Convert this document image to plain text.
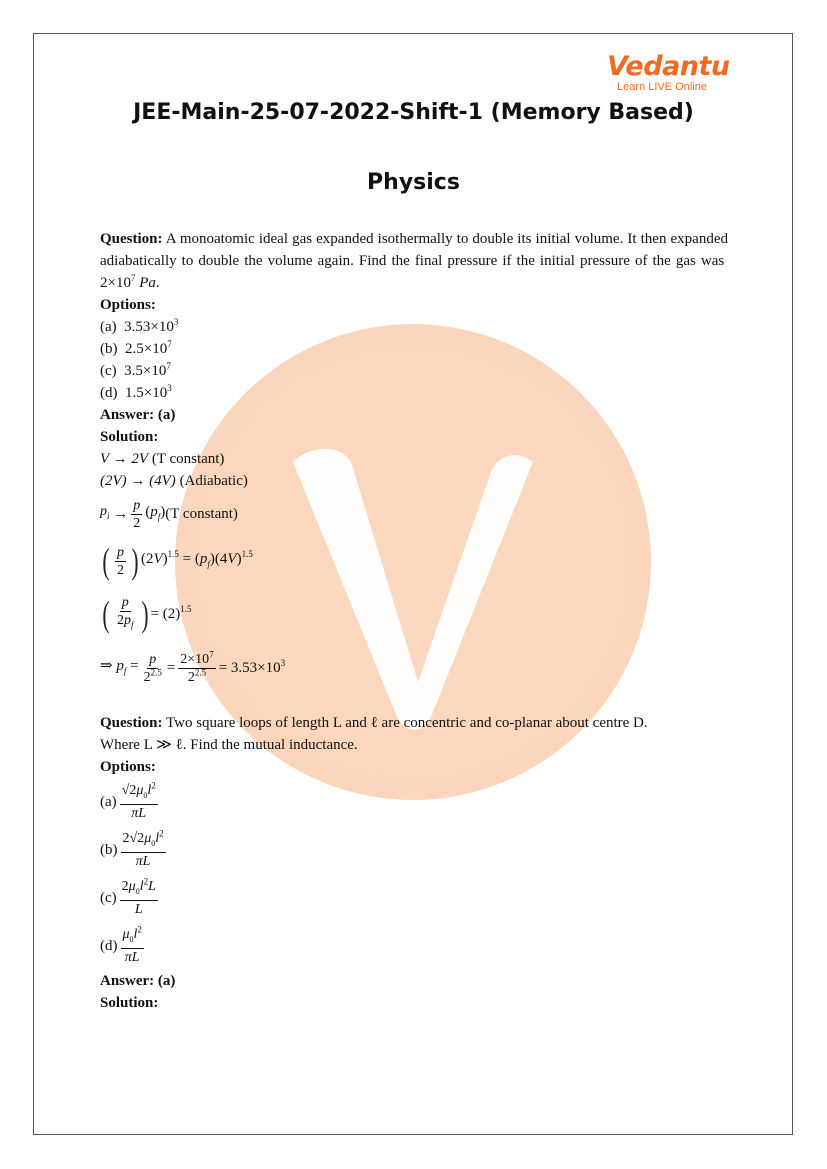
Vedantu
Learn LIVE Online
JEE-Main-25-07-2022-Shift-1 (Memory Based)
Physics

Question: A monoatomic ideal gas expanded isothermally to double its initial volume. It then expanded adiabatically to double the volume again. Find the final pressure if the initial pressure of the gas was  $2\times 10^7$ Pa.

Options:

(a) $3.53\times 10^3$

(b) $2.5\times 10^7$

(c) $3.5\times 10^7$

(d) $1.5\times 10^3$

Answer: (a)

Solution:

V → 2V (T constant)

(2V) → (4V) (Adiabatic)

$p_i \to \frac{p}{2} (p_f)$ (T constant)
( $\frac{p}{2}$ ) $(2V)^{1.5} = (p_f)(4V)^{1.5}$
( $\frac{p}{2p_f}$ ) = $(2)^{1.5}$
⇒ $p_f = \frac{p}{2^{2.5}} = \frac{2\times 10^7}{2^{2.5}} = 3.53\times 10^3$

Question: Two square loops of length L and ℓ are concentric and co-planar about centre D.
Where L ≫ ℓ. Find the mutual inductance.

Options:

$(a) \frac{√2\mu_0l^2}{\pi L}$
$(b) \frac{2√2\mu_0l^2}{\pi L}$
$(c) \frac{2\mu_0l^2L}{L}$
$(d) \frac{\mu_0l^2}{\pi L}$

Answer: (a)

Solution:
